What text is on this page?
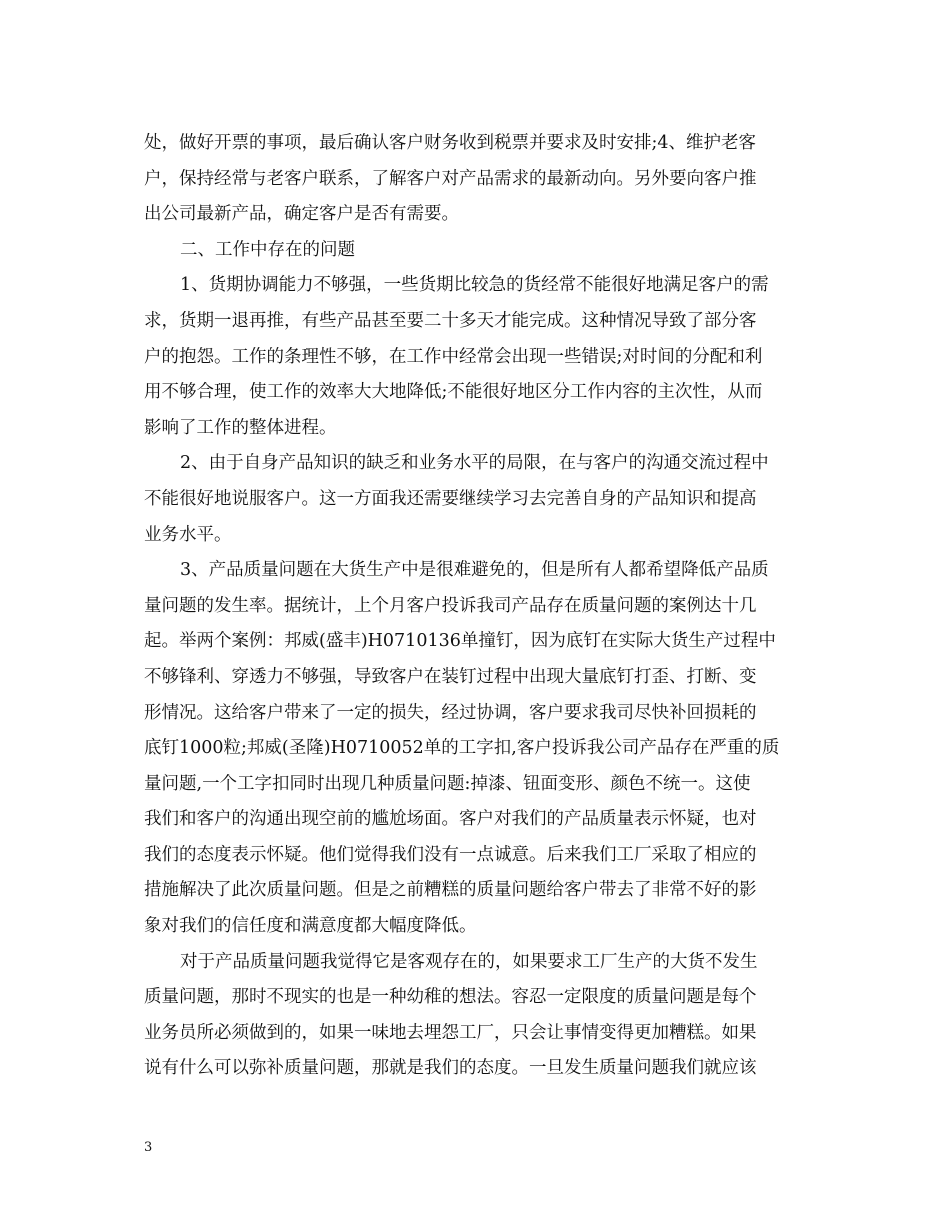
处，做好开票的事项，最后确认客户财务收到税票并要求及时安排;4、维护老客
户，保持经常与老客户联系，了解客户对产品需求的最新动向。另外要向客户推
出公司最新产品，确定客户是否有需要。
二、工作中存在的问题
1、货期协调能力不够强，一些货期比较急的货经常不能很好地满足客户的需
求，货期一退再推，有些产品甚至要二十多天才能完成。这种情况导致了部分客
户的抱怨。工作的条理性不够，在工作中经常会出现一些错误;对时间的分配和利
用不够合理，使工作的效率大大地降低;不能很好地区分工作内容的主次性，从而
影响了工作的整体进程。
2、由于自身产品知识的缺乏和业务水平的局限，在与客户的沟通交流过程中
不能很好地说服客户。这一方面我还需要继续学习去完善自身的产品知识和提高
业务水平。
3、产品质量问题在大货生产中是很难避免的，但是所有人都希望降低产品质
量问题的发生率。据统计，上个月客户投诉我司产品存在质量问题的案例达十几
起。举两个案例：邦威(盛丰)H0710136单撞钉，因为底钉在实际大货生产过程中
不够锋利、穿透力不够强，导致客户在装钉过程中出现大量底钉打歪、打断、变
形情况。这给客户带来了一定的损失，经过协调，客户要求我司尽快补回损耗的
底钉1000粒;邦威(圣隆)H0710052单的工字扣,客户投诉我公司产品存在严重的质
量问题,一个工字扣同时出现几种质量问题:掉漆、钮面变形、颜色不统一。这使
我们和客户的沟通出现空前的尴尬场面。客户对我们的产品质量表示怀疑，也对
我们的态度表示怀疑。他们觉得我们没有一点诚意。后来我们工厂采取了相应的
措施解决了此次质量问题。但是之前糟糕的质量问题给客户带去了非常不好的影
象对我们的信任度和满意度都大幅度降低。
对于产品质量问题我觉得它是客观存在的，如果要求工厂生产的大货不发生
质量问题，那时不现实的也是一种幼稚的想法。容忍一定限度的质量问题是每个
业务员所必须做到的，如果一味地去埋怨工厂，只会让事情变得更加糟糕。如果
说有什么可以弥补质量问题，那就是我们的态度。一旦发生质量问题我们就应该
3
